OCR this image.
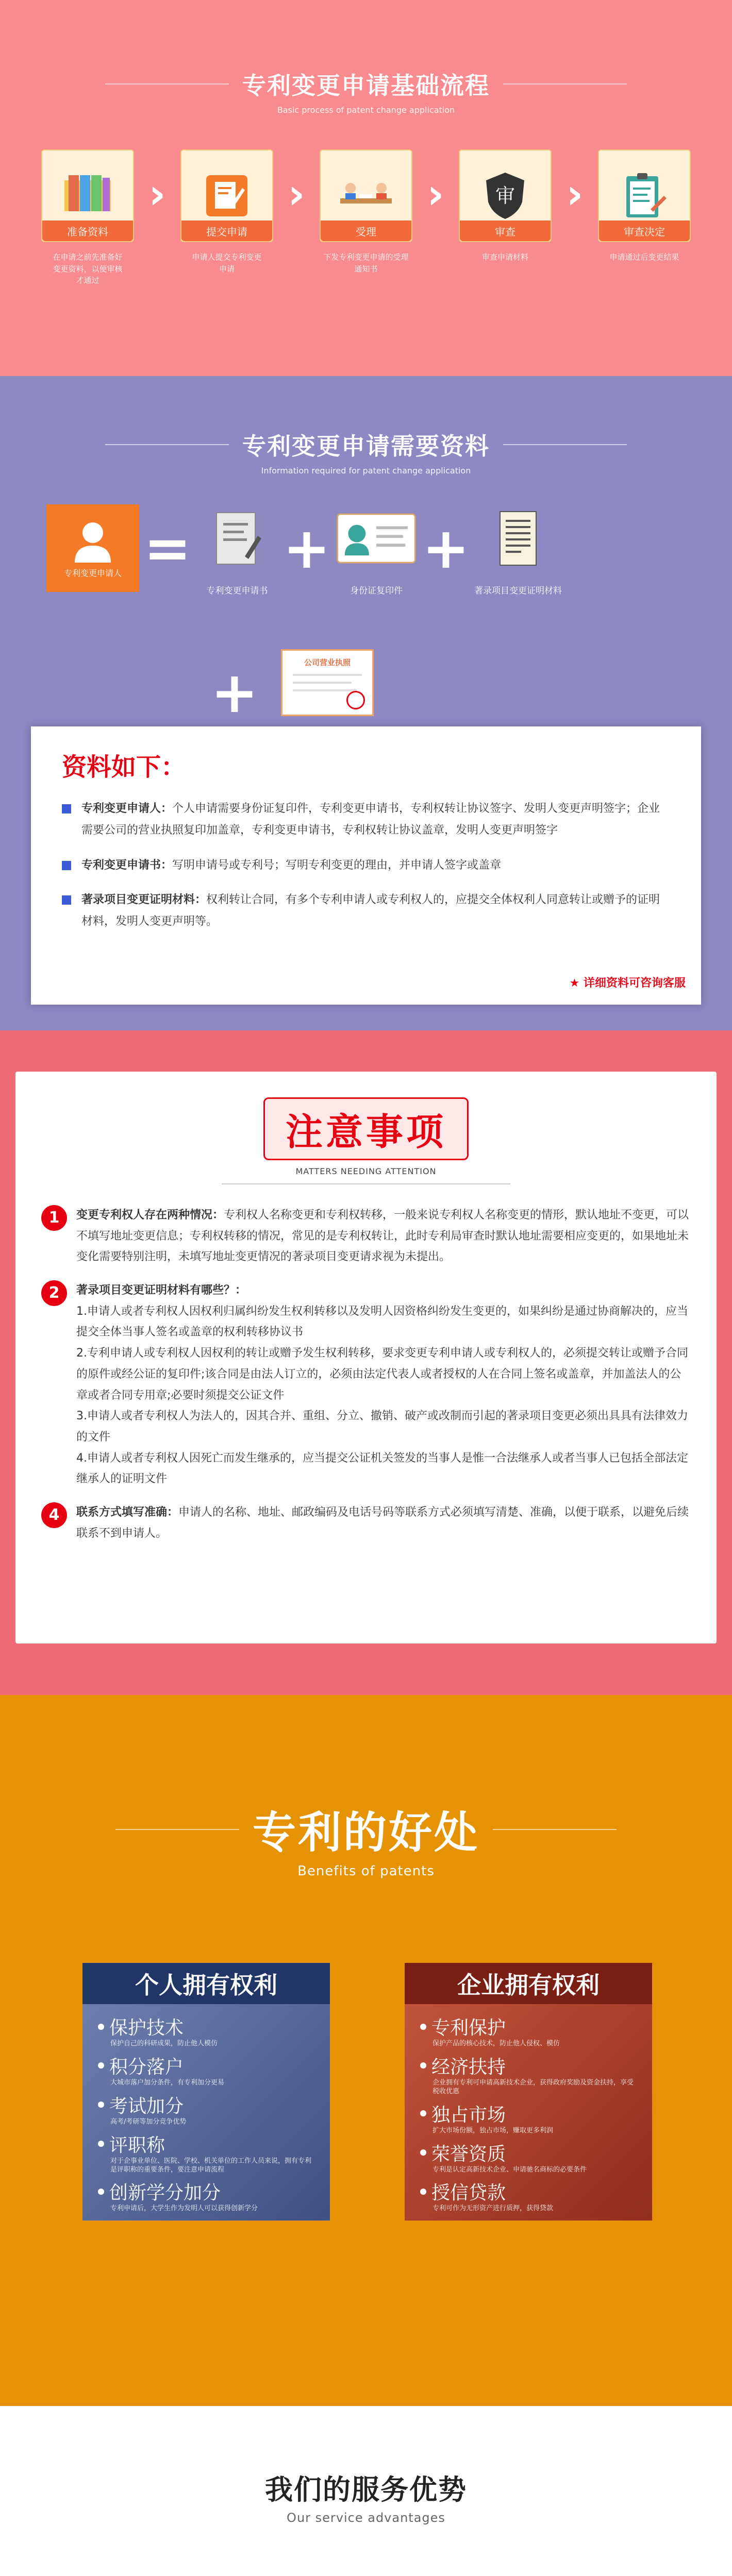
专利变更申请基础流程
Basic process of patent change application
准备资料
在申请之前先准备好
变更资料，以便审核
才通过
›
提交申请
申请人提交专利变更
申请
›
受理
下发专利变更申请的受理
通知书
›	审
审查
审查申请材料
›
审查决定
申请通过后变更结果
专利变更申请需要资料
Information required for patent change application
专利变更申请人 =
专利变更申请书
+
身份证复印件
+
著录项目变更证明材料
+	公司营业执照
资料如下：
专利变更申请人：个人申请需要身份证复印件，专利变更申请书，专利权转让协议签字、发明人变更声明签字；企业需要公司的营业执照复印加盖章，专利变更申请书，专利权转让协议盖章，发明人变更声明签字
专利变更申请书：写明申请号或专利号；写明专利变更的理由，并申请人签字或盖章
著录项目变更证明材料：权利转让合同，有多个专利申请人或专利权人的，应提交全体权利人同意转让或赠予的证明材料，发明人变更声明等。
★ 详细资料可咨询客服
注意事项
MATTERS NEEDING ATTENTION
1	变更专利权人存在两种情况：专利权人名称变更和专利权转移，一般来说专利权人名称变更的情形，默认地址不变更，可以不填写地址变更信息；专利权转移的情况，常见的是专利权转让，此时专利局审查时默认地址需要相应变更的，如果地址未变化需要特别注明，未填写地址变更情况的著录项目变更请求视为未提出。
2	著录项目变更证明材料有哪些？：
1.申请人或者专利权人因权利归属纠纷发生权利转移以及发明人因资格纠纷发生变更的，如果纠纷是通过协商解决的，应当提交全体当事人签名或盖章的权利转移协议书
2.专利申请人或专利权人因权利的转让或赠予发生权利转移，要求变更专利申请人或专利权人的，必须提交转让或赠予合同的原件或经公证的复印件;该合同是由法人订立的，必须由法定代表人或者授权的人在合同上签名或盖章，并加盖法人的公章或者合同专用章;必要时须提交公证文件
3.申请人或者专利权人为法人的，因其合并、重组、分立、撤销、破产或改制而引起的著录项目变更必须出具具有法律效力的文件
4.申请人或者专利权人因死亡而发生继承的，应当提交公证机关签发的当事人是惟一合法继承人或者当事人已包括全部法定继承人的证明文件
4	联系方式填写准确：申请人的名称、地址、邮政编码及电话号码等联系方式必须填写清楚、准确，以便于联系，以避免后续联系不到申请人。
专利的好处
Benefits of patents
个人拥有权利
保护技术
保护自己的科研成果，防止他人模仿
积分落户
大城市落户加分条件，有专利加分更易
考试加分
高考/考研等加分竞争优势
评职称
对于企事业单位、医院、学校、机关单位的工作人员来说，拥有专利是评职称的重要条件，要注意申请流程
创新学分加分
专利申请后，大学生作为发明人可以获得创新学分
企业拥有权利
专利保护
保护产品的核心技术，防止他人侵权、模仿
经济扶持
企业拥有专利可申请高新技术企业，获得政府奖励及资金扶持，享受税收优惠
独占市场
扩大市场份额，独占市场，赚取更多利润
荣誉资质
专利是认定高新技术企业、申请驰名商标的必要条件
授信贷款
专利可作为无形资产进行质押，获得贷款
我们的服务优势
Our service advantages
